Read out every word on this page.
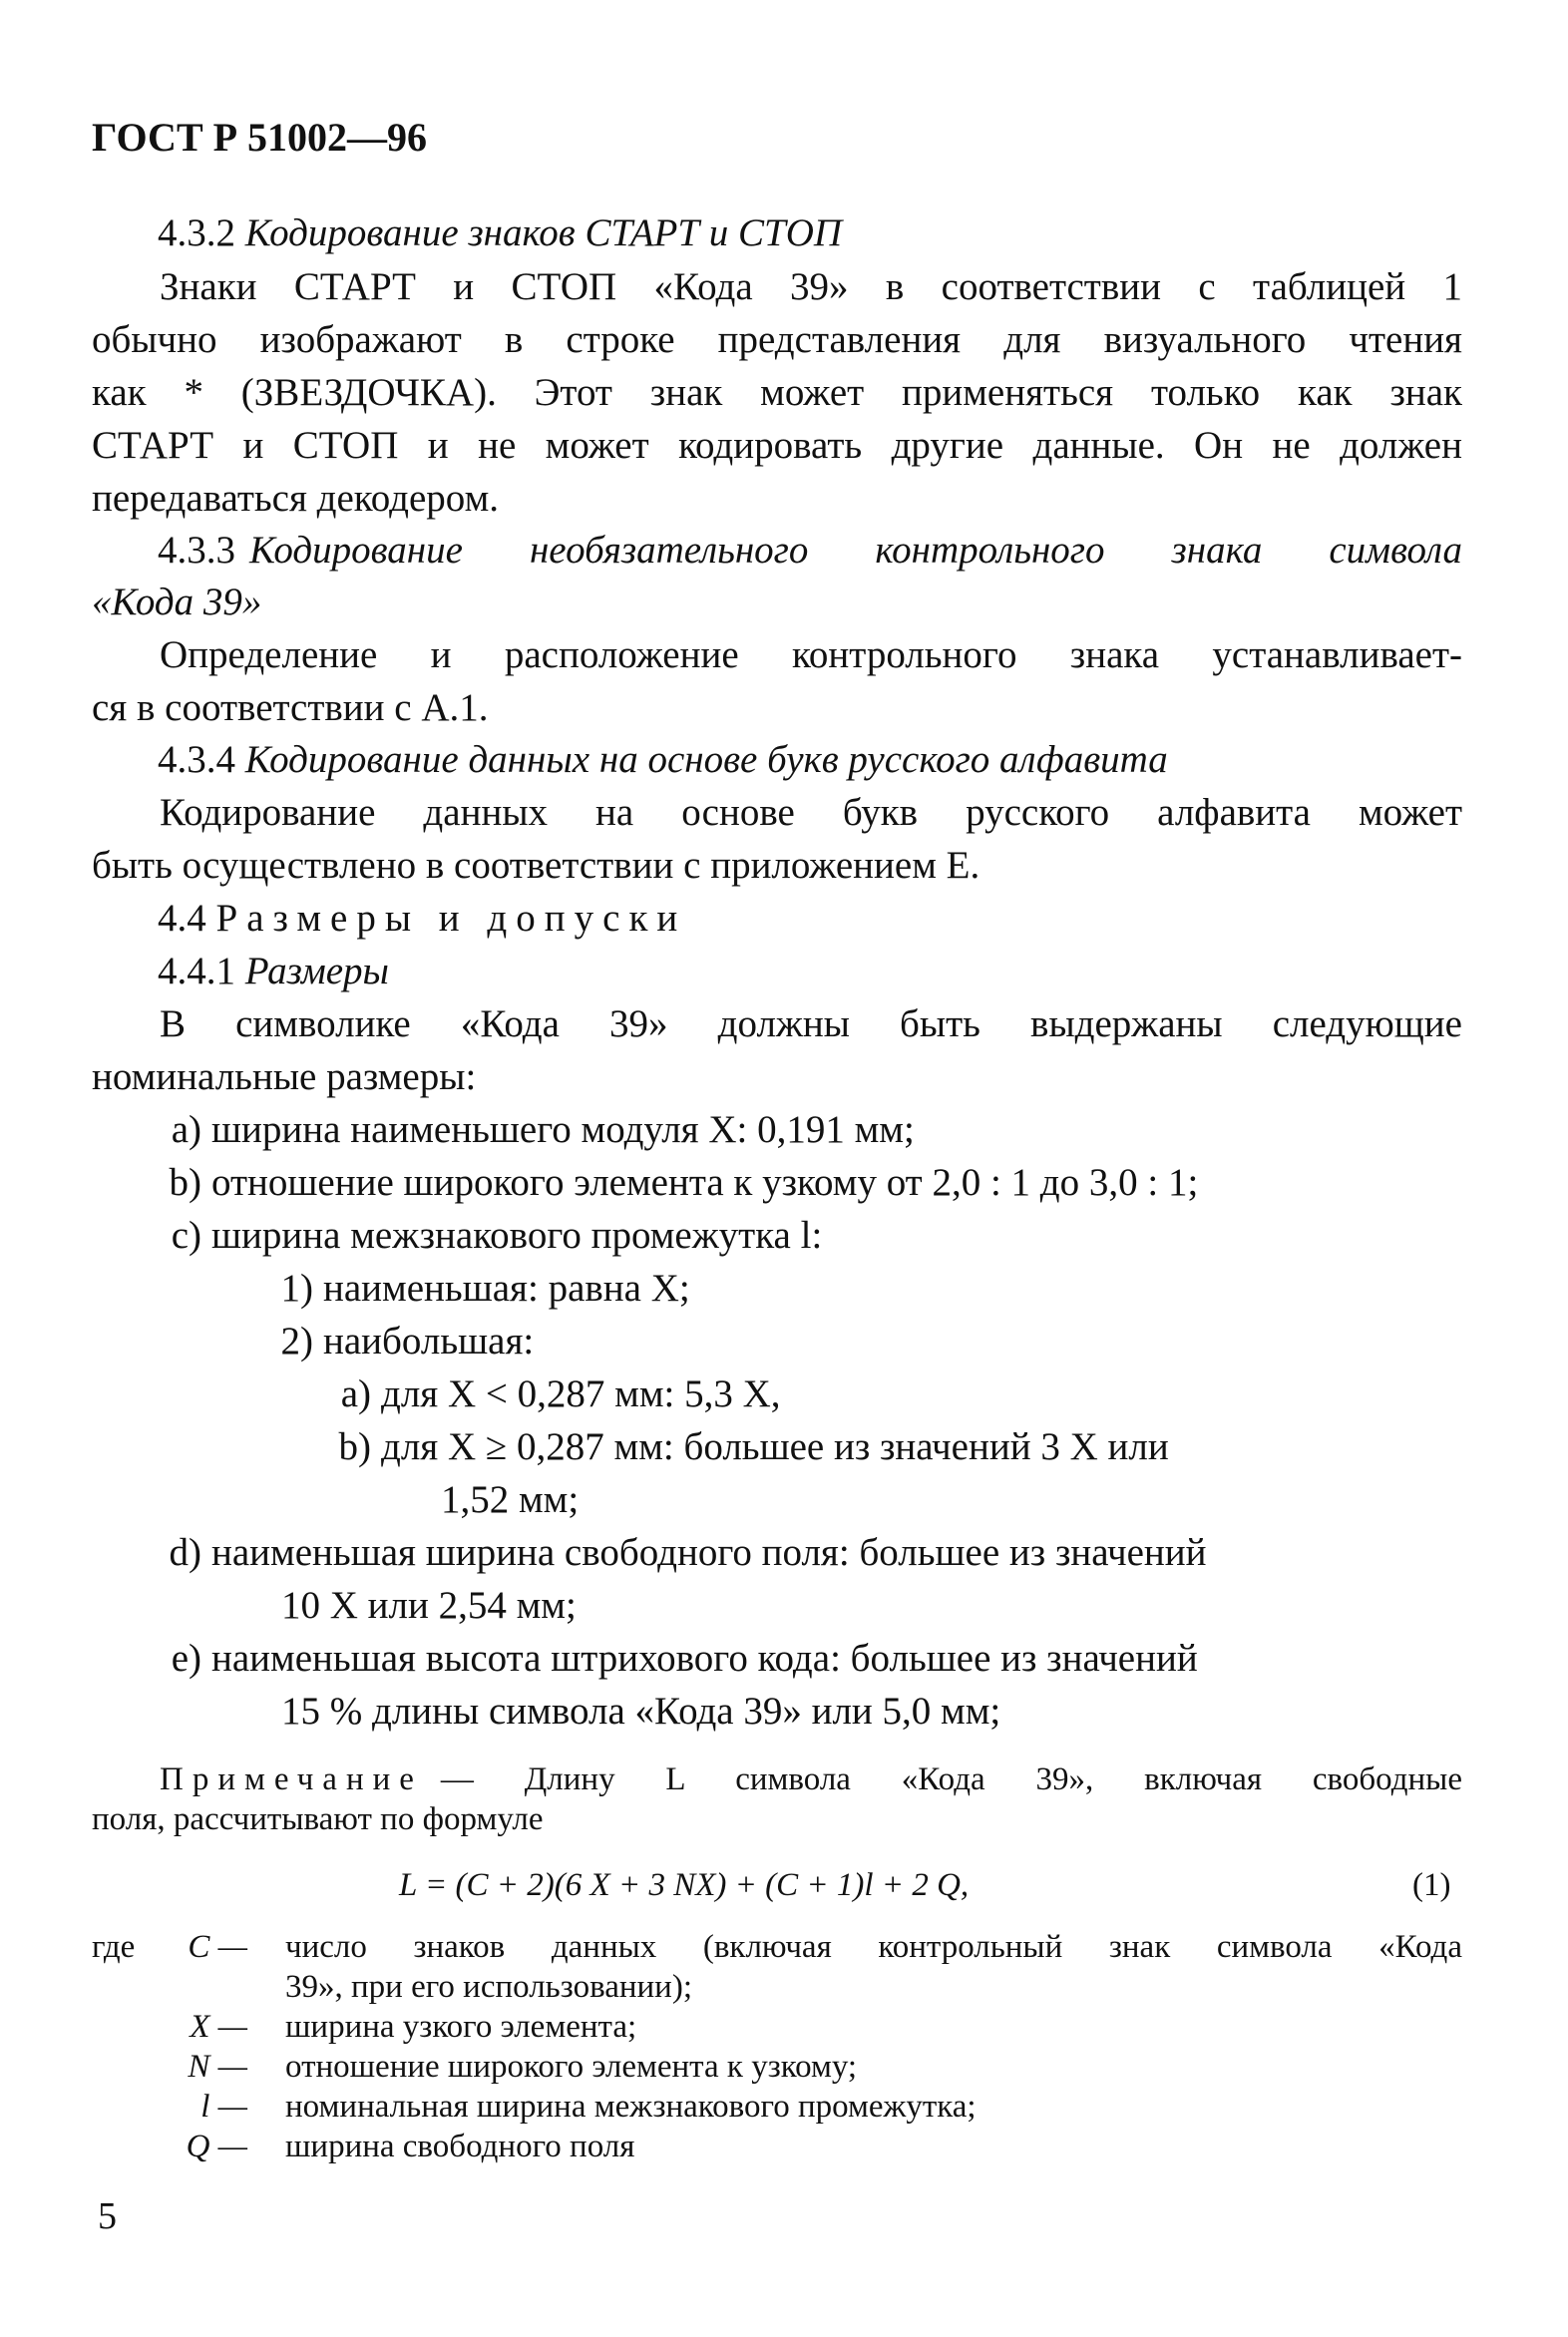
ГОСТ Р 51002—96
4.3.2 Кодирование знаков СТАРТ и СТОП
Знаки СТАРТ и СТОП «Кода 39» в соответствии с таблицей 1
обычно изображают в строке представления для визуального чтения
как * (ЗВЕЗДОЧКА). Этот знак может применяться только как знак
СТАРТ и СТОП и не может кодировать другие данные. Он не должен
передаваться декодером.
4.3.3 Кодирование необязательного контрольного знака символа
«Кода 39»
Определение и расположение контрольного знака устанавливает-
ся в соответствии с А.1.
4.3.4 Кодирование данных на основе букв русского алфавита
Кодирование данных на основе букв русского алфавита может
быть осуществлено в соответствии с приложением Е.
4.4 Размеры и допуски
4.4.1 Размеры
В символике «Кода 39» должны быть выдержаны следующие
номинальные размеры:
а) ширина наименьшего модуля X: 0,191 мм;
b) отношение широкого элемента к узкому от 2,0 : 1 до 3,0 : 1;
с) ширина межзнакового промежутка l:
1) наименьшая: равна X;
2) наибольшая:
а) для X < 0,287 мм: 5,3 X,
b) для X ≥ 0,287 мм: большее из значений 3 X или
1,52 мм;
d) наименьшая ширина свободного поля: большее из значений
10 X или 2,54 мм;
е) наименьшая высота штрихового кода: большее из значений
15 % длины символа «Кода 39» или 5,0 мм;
Примечание — Длину L символа «Кода 39», включая свободные
поля, рассчитывают по формуле
L = (C + 2)(6 X + 3 NX) + (C + 1)l + 2 Q,	(1)
где	C — число знаков данных (включая контрольный знак символа «Кода
39», при его использовании);
X — ширина узкого элемента;
N — отношение широкого элемента к узкому;
l — номинальная ширина межзнакового промежутка;
Q — ширина свободного поля
5
